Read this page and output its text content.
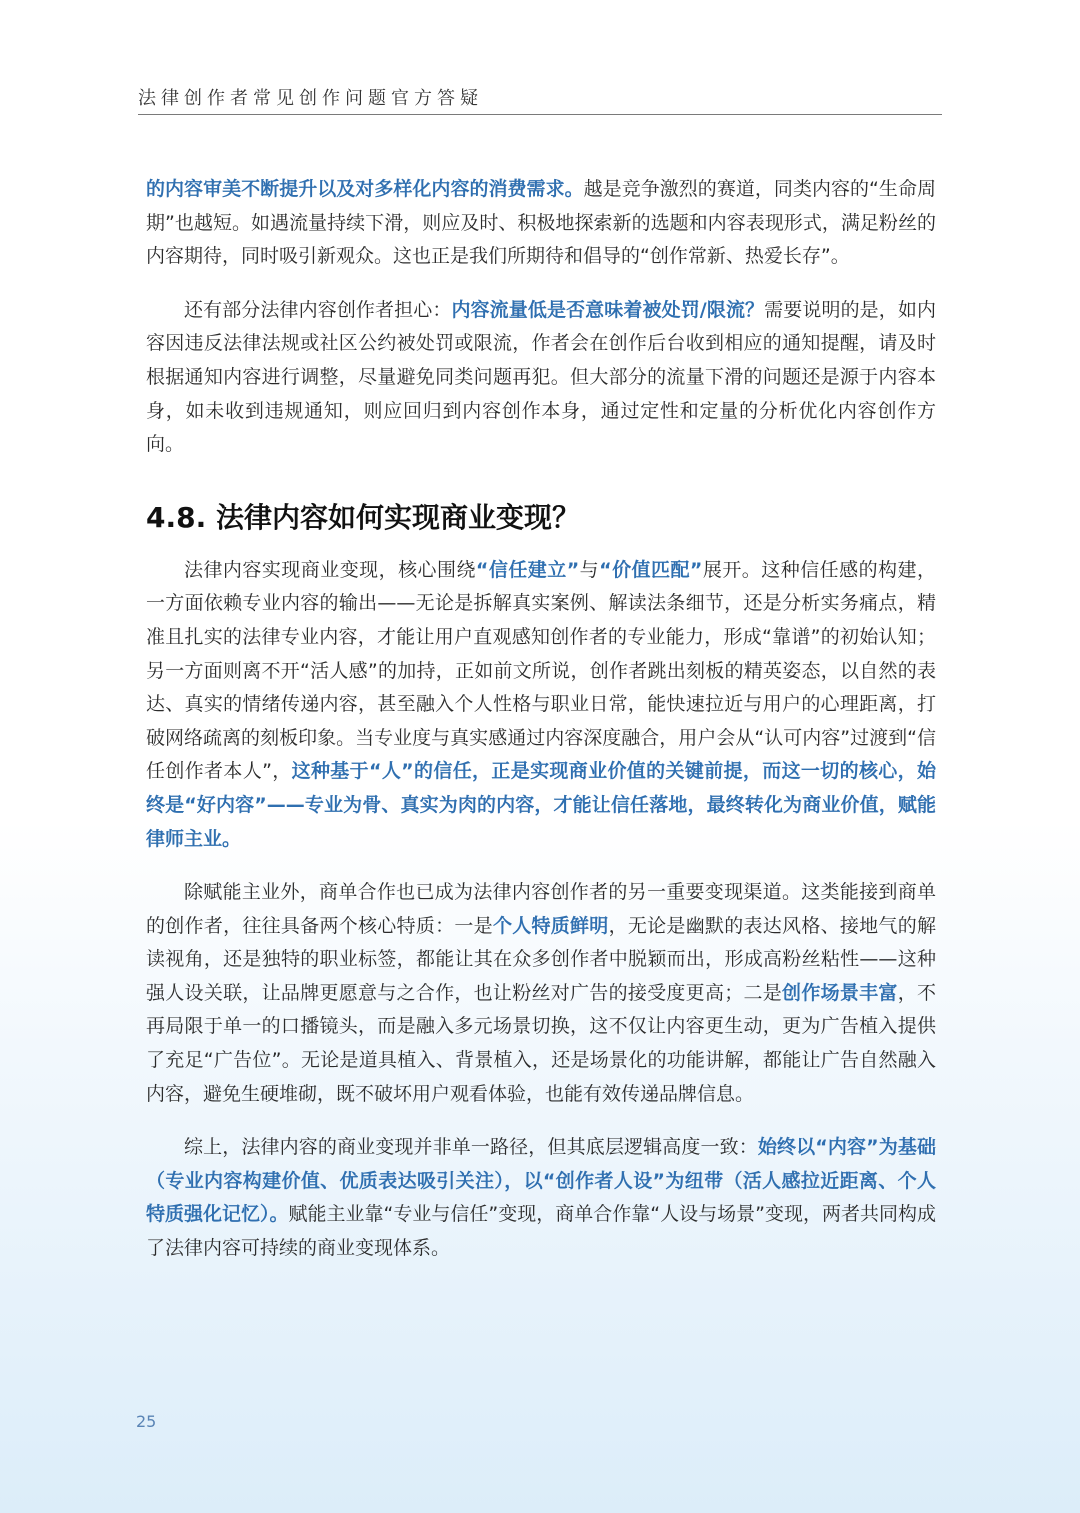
法律创作者常见创作问题官方答疑

的内容审美不断提升以及对多样化内容的消费需求。越是竞争激烈的赛道，同类内容的“生命周期”也越短。如遇流量持续下滑，则应及时、积极地探索新的选题和内容表现形式，满足粉丝的内容期待，同时吸引新观众。这也正是我们所期待和倡导的“创作常新、热爱长存”。

还有部分法律内容创作者担心：内容流量低是否意味着被处罚/限流？需要说明的是，如内容因违反法律法规或社区公约被处罚或限流，作者会在创作后台收到相应的通知提醒，请及时根据通知内容进行调整，尽量避免同类问题再犯。但大部分的流量下滑的问题还是源于内容本身，如未收到违规通知，则应回归到内容创作本身，通过定性和定量的分析优化内容创作方向。

4.8. 法律内容如何实现商业变现？

法律内容实现商业变现，核心围绕“信任建立”与“价值匹配”展开。这种信任感的构建，一方面依赖专业内容的输出——无论是拆解真实案例、解读法条细节，还是分析实务痛点，精准且扎实的法律专业内容，才能让用户直观感知创作者的专业能力，形成“靠谱”的初始认知；另一方面则离不开“活人感”的加持，正如前文所说，创作者跳出刻板的精英姿态，以自然的表达、真实的情绪传递内容，甚至融入个人性格与职业日常，能快速拉近与用户的心理距离，打破网络疏离的刻板印象。当专业度与真实感通过内容深度融合，用户会从“认可内容”过渡到“信任创作者本人”，这种基于“人”的信任，正是实现商业价值的关键前提，而这一切的核心，始终是“好内容”——专业为骨、真实为肉的内容，才能让信任落地，最终转化为商业价值，赋能律师主业。

除赋能主业外，商单合作也已成为法律内容创作者的另一重要变现渠道。这类能接到商单的创作者，往往具备两个核心特质：一是个人特质鲜明，无论是幽默的表达风格、接地气的解读视角，还是独特的职业标签，都能让其在众多创作者中脱颖而出，形成高粉丝粘性——这种强人设关联，让品牌更愿意与之合作，也让粉丝对广告的接受度更高；二是创作场景丰富，不再局限于单一的口播镜头，而是融入多元场景切换，这不仅让内容更生动，更为广告植入提供了充足“广告位”。无论是道具植入、背景植入，还是场景化的功能讲解，都能让广告自然融入内容，避免生硬堆砌，既不破坏用户观看体验，也能有效传递品牌信息。

综上，法律内容的商业变现并非单一路径，但其底层逻辑高度一致：始终以“内容”为基础（专业内容构建价值、优质表达吸引关注），以“创作者人设”为纽带（活人感拉近距离、个人特质强化记忆）。赋能主业靠“专业与信任”变现，商单合作靠“人设与场景”变现，两者共同构成了法律内容可持续的商业变现体系。

25
